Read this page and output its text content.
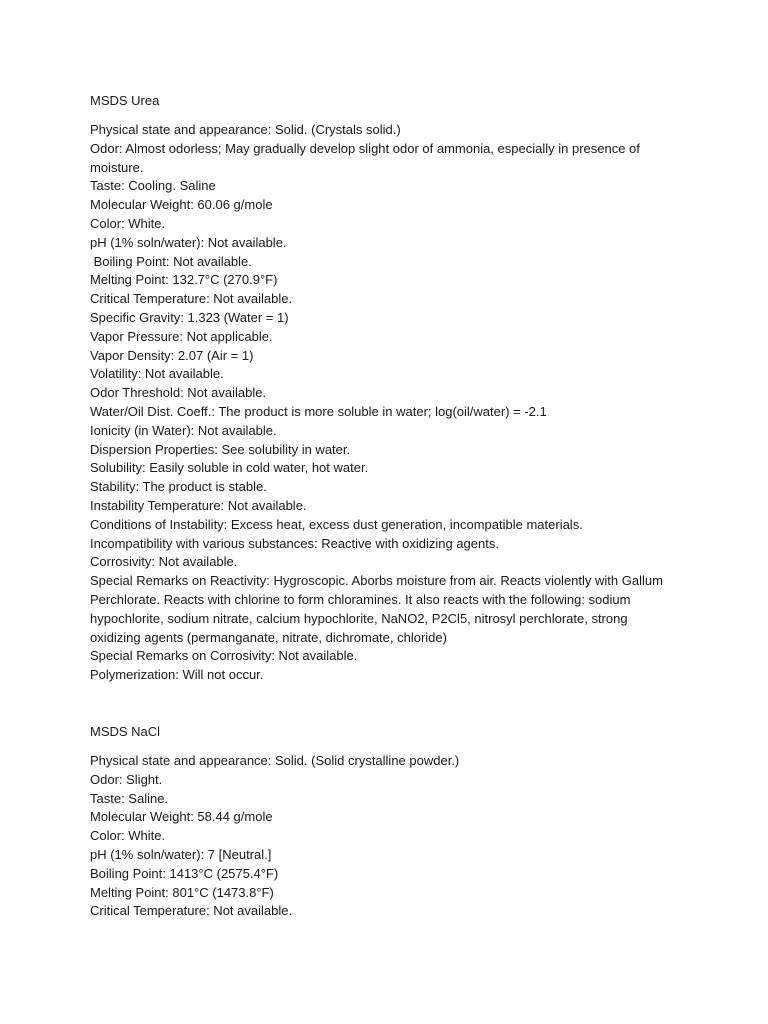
MSDS Urea

Physical state and appearance: Solid. (Crystals solid.)

Odor: Almost odorless; May gradually develop slight odor of ammonia, especially in presence of moisture.

Taste: Cooling. Saline

Molecular Weight: 60.06 g/mole

Color: White.

pH (1% soln/water): Not available.

Boiling Point: Not available.

Melting Point: 132.7°C (270.9°F)

Critical Temperature: Not available.

Specific Gravity: 1.323 (Water = 1)

Vapor Pressure: Not applicable.

Vapor Density: 2.07 (Air = 1)

Volatility: Not available.

Odor Threshold: Not available.

Water/Oil Dist. Coeff.: The product is more soluble in water; log(oil/water) = -2.1

Ionicity (in Water): Not available.

Dispersion Properties: See solubility in water.

Solubility: Easily soluble in cold water, hot water.

Stability: The product is stable.

Instability Temperature: Not available.

Conditions of Instability: Excess heat, excess dust generation, incompatible materials.

Incompatibility with various substances: Reactive with oxidizing agents.

Corrosivity: Not available.

Special Remarks on Reactivity: Hygroscopic. Aborbs moisture from air. Reacts violently with Gallum Perchlorate. Reacts with chlorine to form chloramines. It also reacts with the following: sodium hypochlorite, sodium nitrate, calcium hypochlorite, NaNO2, P2Cl5, nitrosyl perchlorate, strong oxidizing agents (permanganate, nitrate, dichromate, chloride)

Special Remarks on Corrosivity: Not available.

Polymerization: Will not occur.

MSDS NaCl

Physical state and appearance: Solid. (Solid crystalline powder.)

Odor: Slight.

Taste: Saline.

Molecular Weight: 58.44 g/mole

Color: White.

pH (1% soln/water): 7 [Neutral.]

Boiling Point: 1413°C (2575.4°F)

Melting Point: 801°C (1473.8°F)

Critical Temperature: Not available.
